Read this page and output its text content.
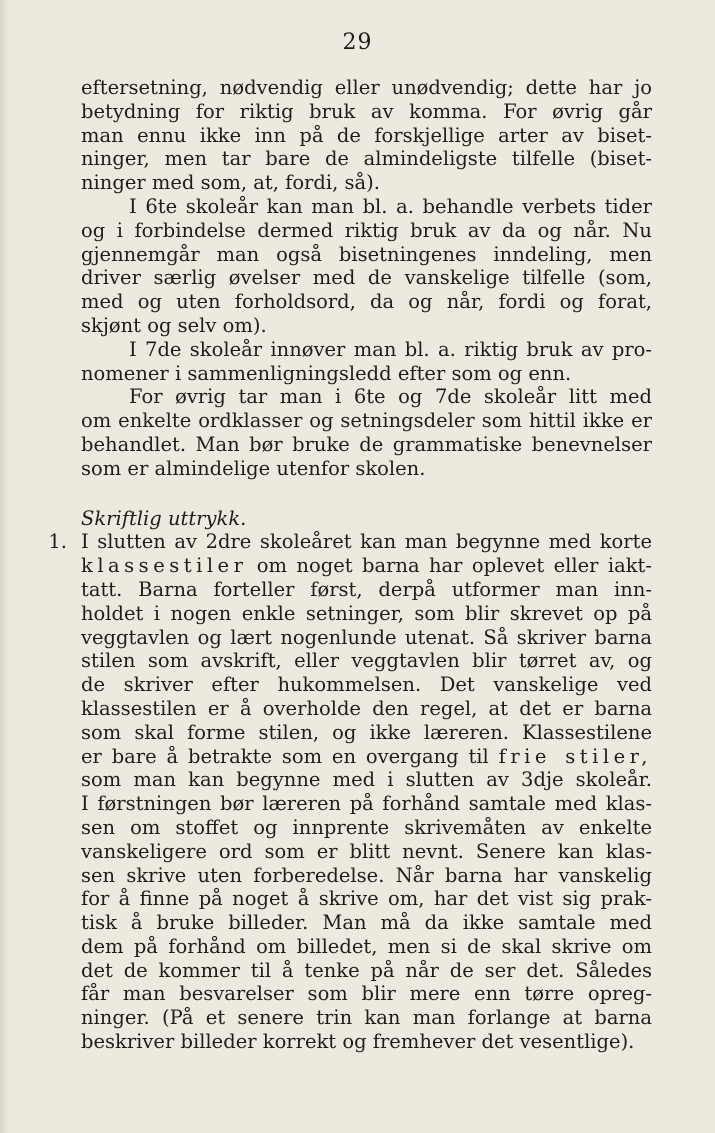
29
eftersetning, nødvendig eller unødvendig; dette har jo
betydning for riktig bruk av komma. For øvrig går
man ennu ikke inn på de forskjellige arter av biset-
ninger, men tar bare de almindeligste tilfelle (biset-
ninger med som, at, fordi, så).
I 6te skoleår kan man bl. a. behandle verbets tider
og i forbindelse dermed riktig bruk av da og når. Nu
gjennemgår man også bisetningenes inndeling, men
driver særlig øvelser med de vanskelige tilfelle (som,
med og uten forholdsord, da og når, fordi og forat,
skjønt og selv om).
I 7de skoleår innøver man bl. a. riktig bruk av pro-
nomener i sammenligningsledd efter som og enn.
For øvrig tar man i 6te og 7de skoleår litt med
om enkelte ordklasser og setningsdeler som hittil ikke er
behandlet. Man bør bruke de grammatiske benevnelser
som er almindelige utenfor skolen.
Skriftlig uttrykk.
1. I slutten av 2dre skoleåret kan man begynne med korte
klassestiler om noget barna har oplevet eller iakt-
tatt. Barna forteller først, derpå utformer man inn-
holdet i nogen enkle setninger, som blir skrevet op på
veggtavlen og lært nogenlunde utenat. Så skriver barna
stilen som avskrift, eller veggtavlen blir tørret av, og
de skriver efter hukommelsen. Det vanskelige ved
klassestilen er å overholde den regel, at det er barna
som skal forme stilen, og ikke læreren. Klassestilene
er bare å betrakte som en overgang til frie stiler,
som man kan begynne med i slutten av 3dje skoleår.
I førstningen bør læreren på forhånd samtale med klas-
sen om stoffet og innprente skrivemåten av enkelte
vanskeligere ord som er blitt nevnt. Senere kan klas-
sen skrive uten forberedelse. Når barna har vanskelig
for å finne på noget å skrive om, har det vist sig prak-
tisk å bruke billeder. Man må da ikke samtale med
dem på forhånd om billedet, men si de skal skrive om
det de kommer til å tenke på når de ser det. Således
får man besvarelser som blir mere enn tørre opreg-
ninger. (På et senere trin kan man forlange at barna
beskriver billeder korrekt og fremhever det vesentlige).
